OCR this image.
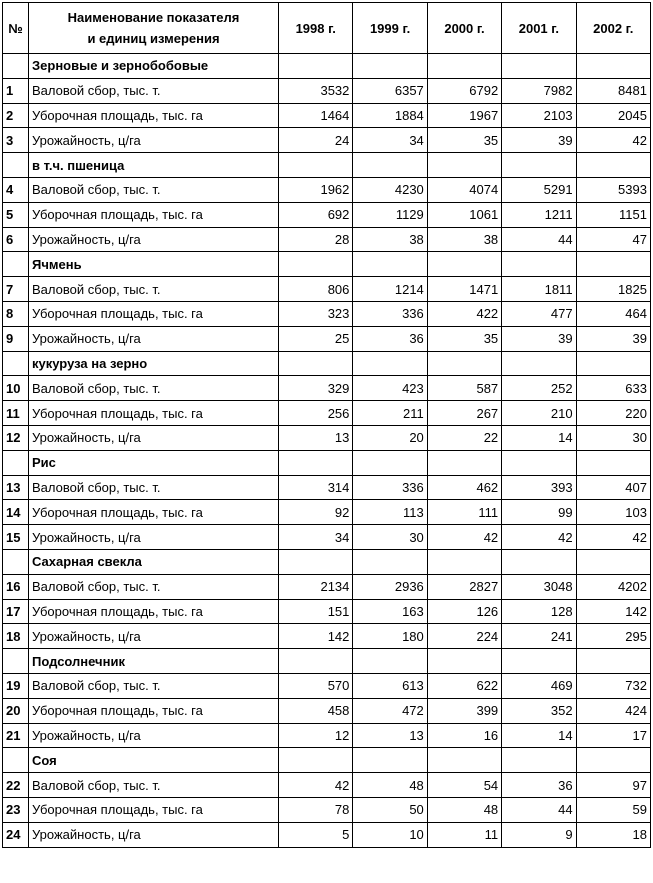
№	Наименование показателя
и единиц измерения	1998 г.	1999 г.	2000 г.	2001 г.	2002 г.
	Зерновые и зернобобовые					
1	Валовой сбор, тыс. т.	3532	6357	6792	7982	8481
2	Уборочная площадь, тыс. га	1464	1884	1967	2103	2045
3	Урожайность, ц/га	24	34	35	39	42
	в т.ч. пшеница					
4	Валовой сбор, тыс. т.	1962	4230	4074	5291	5393
5	Уборочная площадь, тыс. га	692	1129	1061	1211	1151
6	Урожайность, ц/га	28	38	38	44	47
	Ячмень					
7	Валовой сбор, тыс. т.	806	1214	1471	1811	1825
8	Уборочная площадь, тыс. га	323	336	422	477	464
9	Урожайность, ц/га	25	36	35	39	39
	кукуруза на зерно					
10	Валовой сбор, тыс. т.	329	423	587	252	633
11	Уборочная площадь, тыс. га	256	211	267	210	220
12	Урожайность, ц/га	13	20	22	14	30
	Рис					
13	Валовой сбор, тыс. т.	314	336	462	393	407
14	Уборочная площадь, тыс. га	92	113	111	99	103
15	Урожайность, ц/га	34	30	42	42	42
	Сахарная свекла					
16	Валовой сбор, тыс. т.	2134	2936	2827	3048	4202
17	Уборочная площадь, тыс. га	151	163	126	128	142
18	Урожайность, ц/га	142	180	224	241	295
	Подсолнечник					
19	Валовой сбор, тыс. т.	570	613	622	469	732
20	Уборочная площадь, тыс. га	458	472	399	352	424
21	Урожайность, ц/га	12	13	16	14	17
	Соя					
22	Валовой сбор, тыс. т.	42	48	54	36	97
23	Уборочная площадь, тыс. га	78	50	48	44	59
24	Урожайность, ц/га	5	10	11	9	18
